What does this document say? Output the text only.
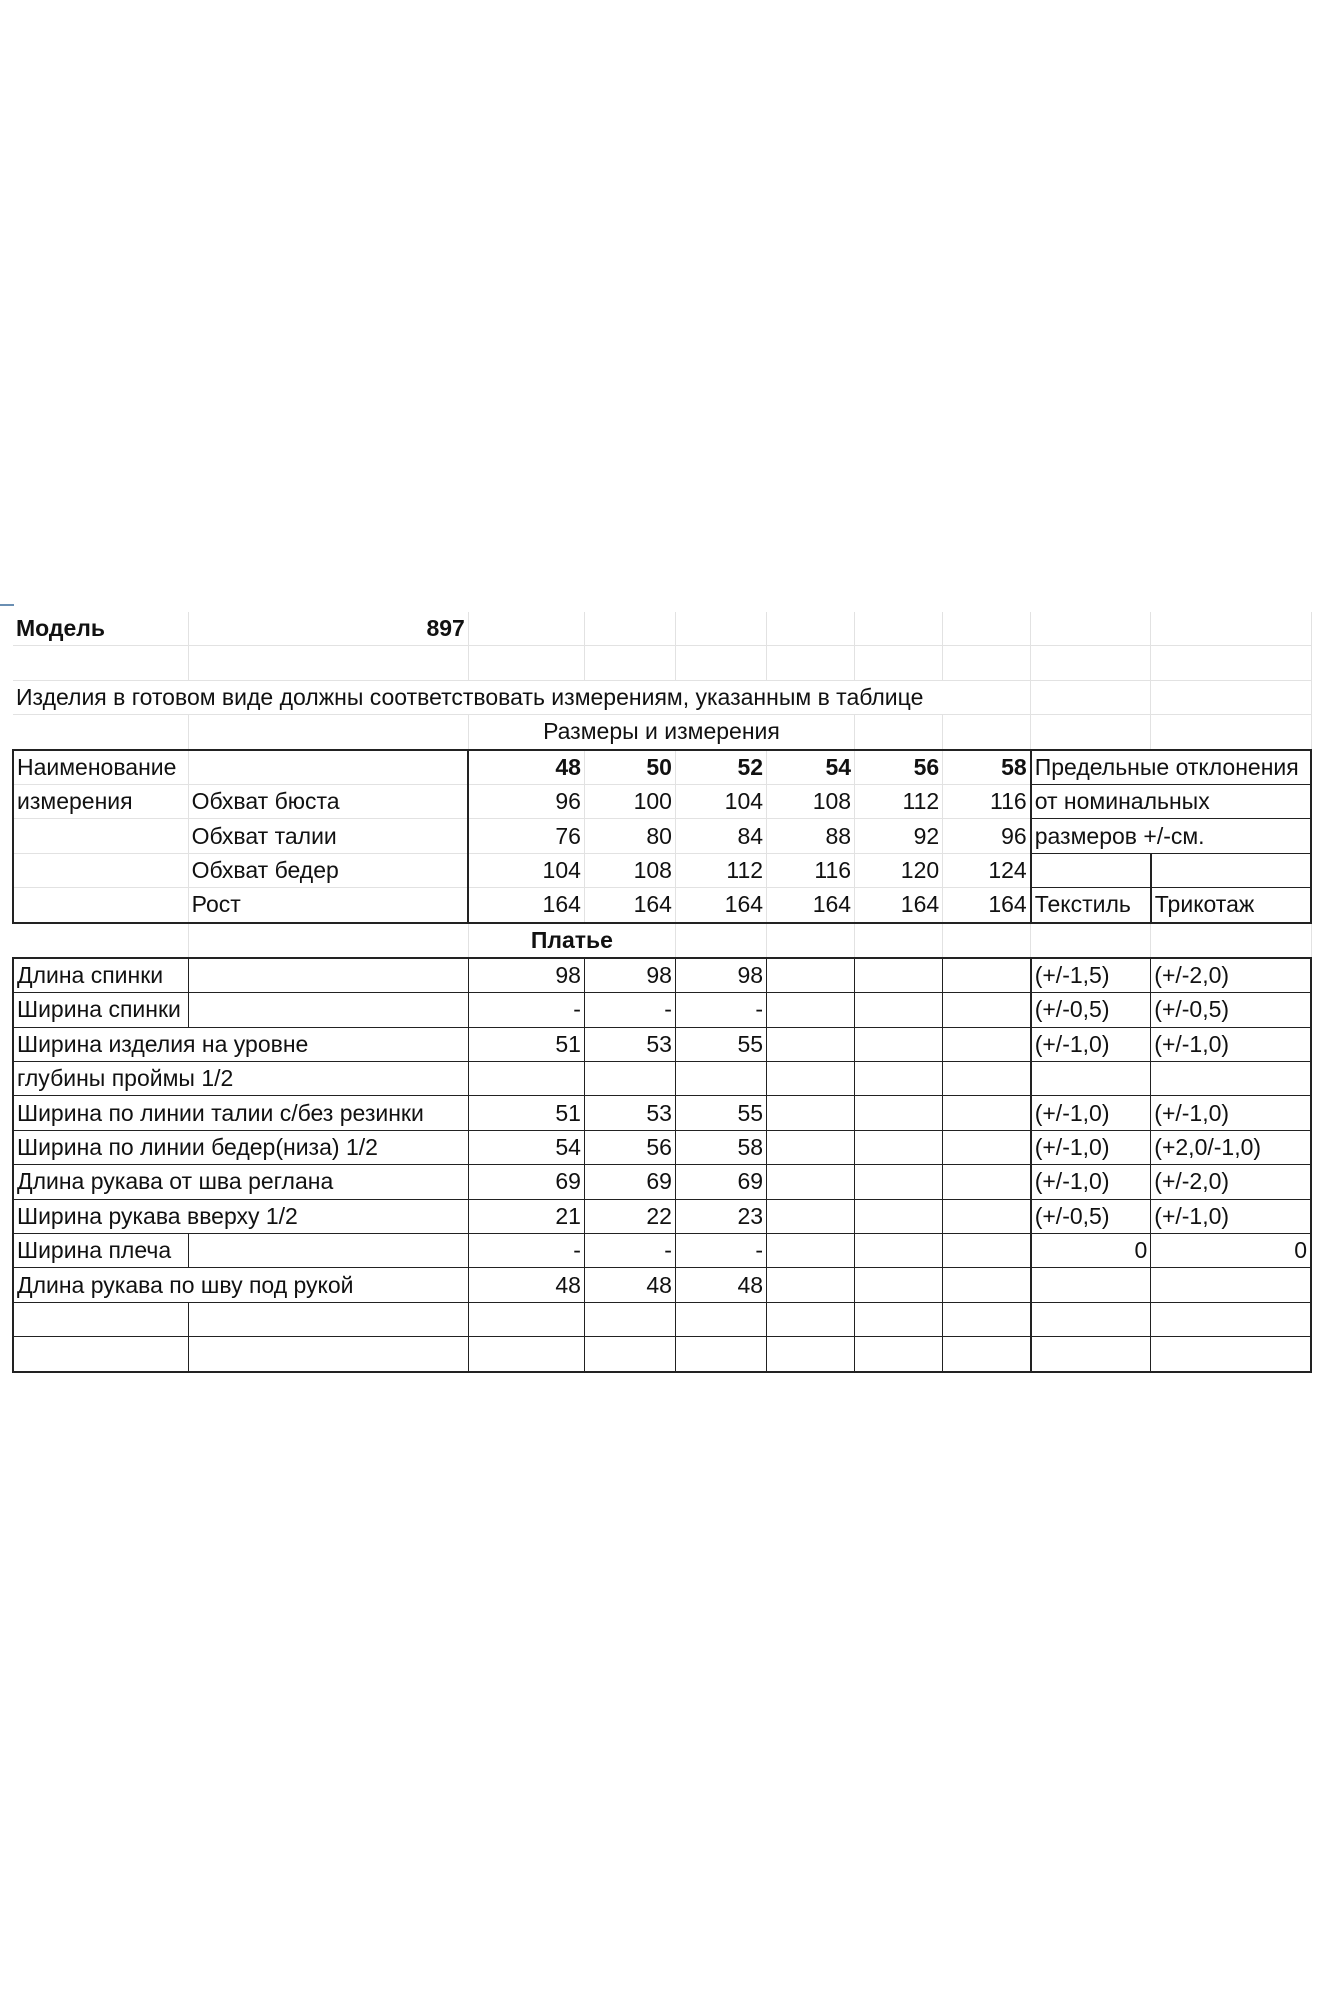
Модель	897								

Изделия в готовом виде должны соответствовать измерениям, указанным в таблице									
		Размеры и измерения							
Наименование		48	50	52	54	56	58	Предельные отклонения	
измерения	Обхват бюста	96	100	104	108	112	116	от номинальных	
	Обхват талии	76	80	84	88	92	96	размеров +/-см.	
	Обхват бедер	104	108	112	116	120	124		
	Рост	164	164	164	164	164	164	Текстиль	Трикотаж
		Платье							
Длина спинки		98	98	98				(+/-1,5)	(+/-2,0)
Ширина спинки		-	-	-				(+/-0,5)	(+/-0,5)
Ширина изделия на уровне		51	53	55				(+/-1,0)	(+/-1,0)
глубины проймы 1/2									
Ширина по линии талии с/без резинки		51	53	55				(+/-1,0)	(+/-1,0)
Ширина по линии бедер(низа) 1/2		54	56	58				(+/-1,0)	(+2,0/-1,0)
Длина рукава от шва реглана		69	69	69				(+/-1,0)	(+/-2,0)
Ширина рукава вверху 1/2		21	22	23				(+/-0,5)	(+/-1,0)
Ширина плеча		-	-	-				0	0
Длина рукава по шву под рукой		48	48	48					
